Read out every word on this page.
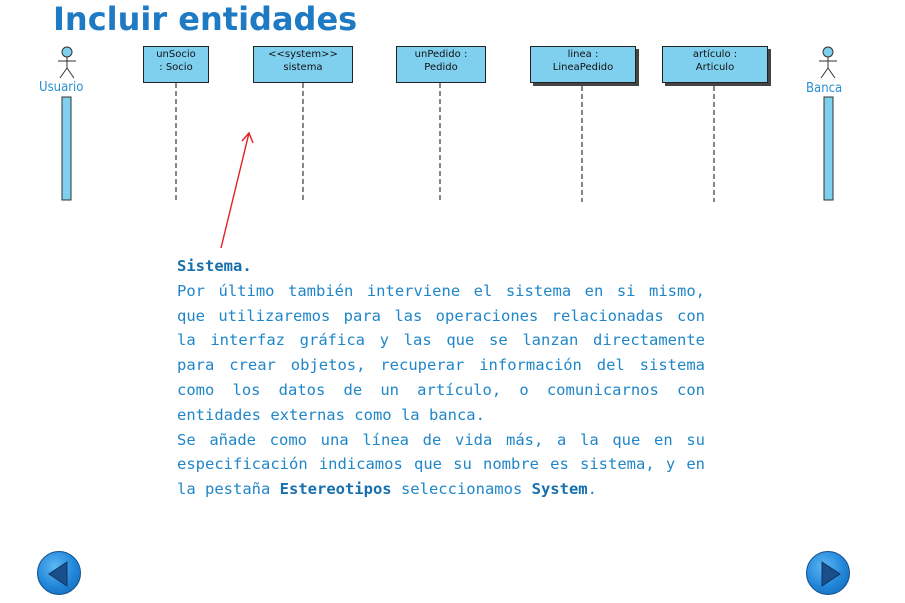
Incluir entidades
Usuario	Banca
unSocio
: Socio
<<system>>
sistema
unPedido :
Pedido
linea :
LineaPedido
artículo :
Articulo

Sistema.

Por último también interviene el sistema en si mismo, que utilizaremos para las operaciones relacionadas con la interfaz gráfica y las que se lanzan directamente para crear objetos, recuperar información del sistema como los datos de un artículo, o comunicarnos con entidades externas como la banca.

Se añade como una línea de vida más, a la que en su especificación indicamos que su nombre es sistema, y en la pestaña Estereotipos seleccionamos System.
